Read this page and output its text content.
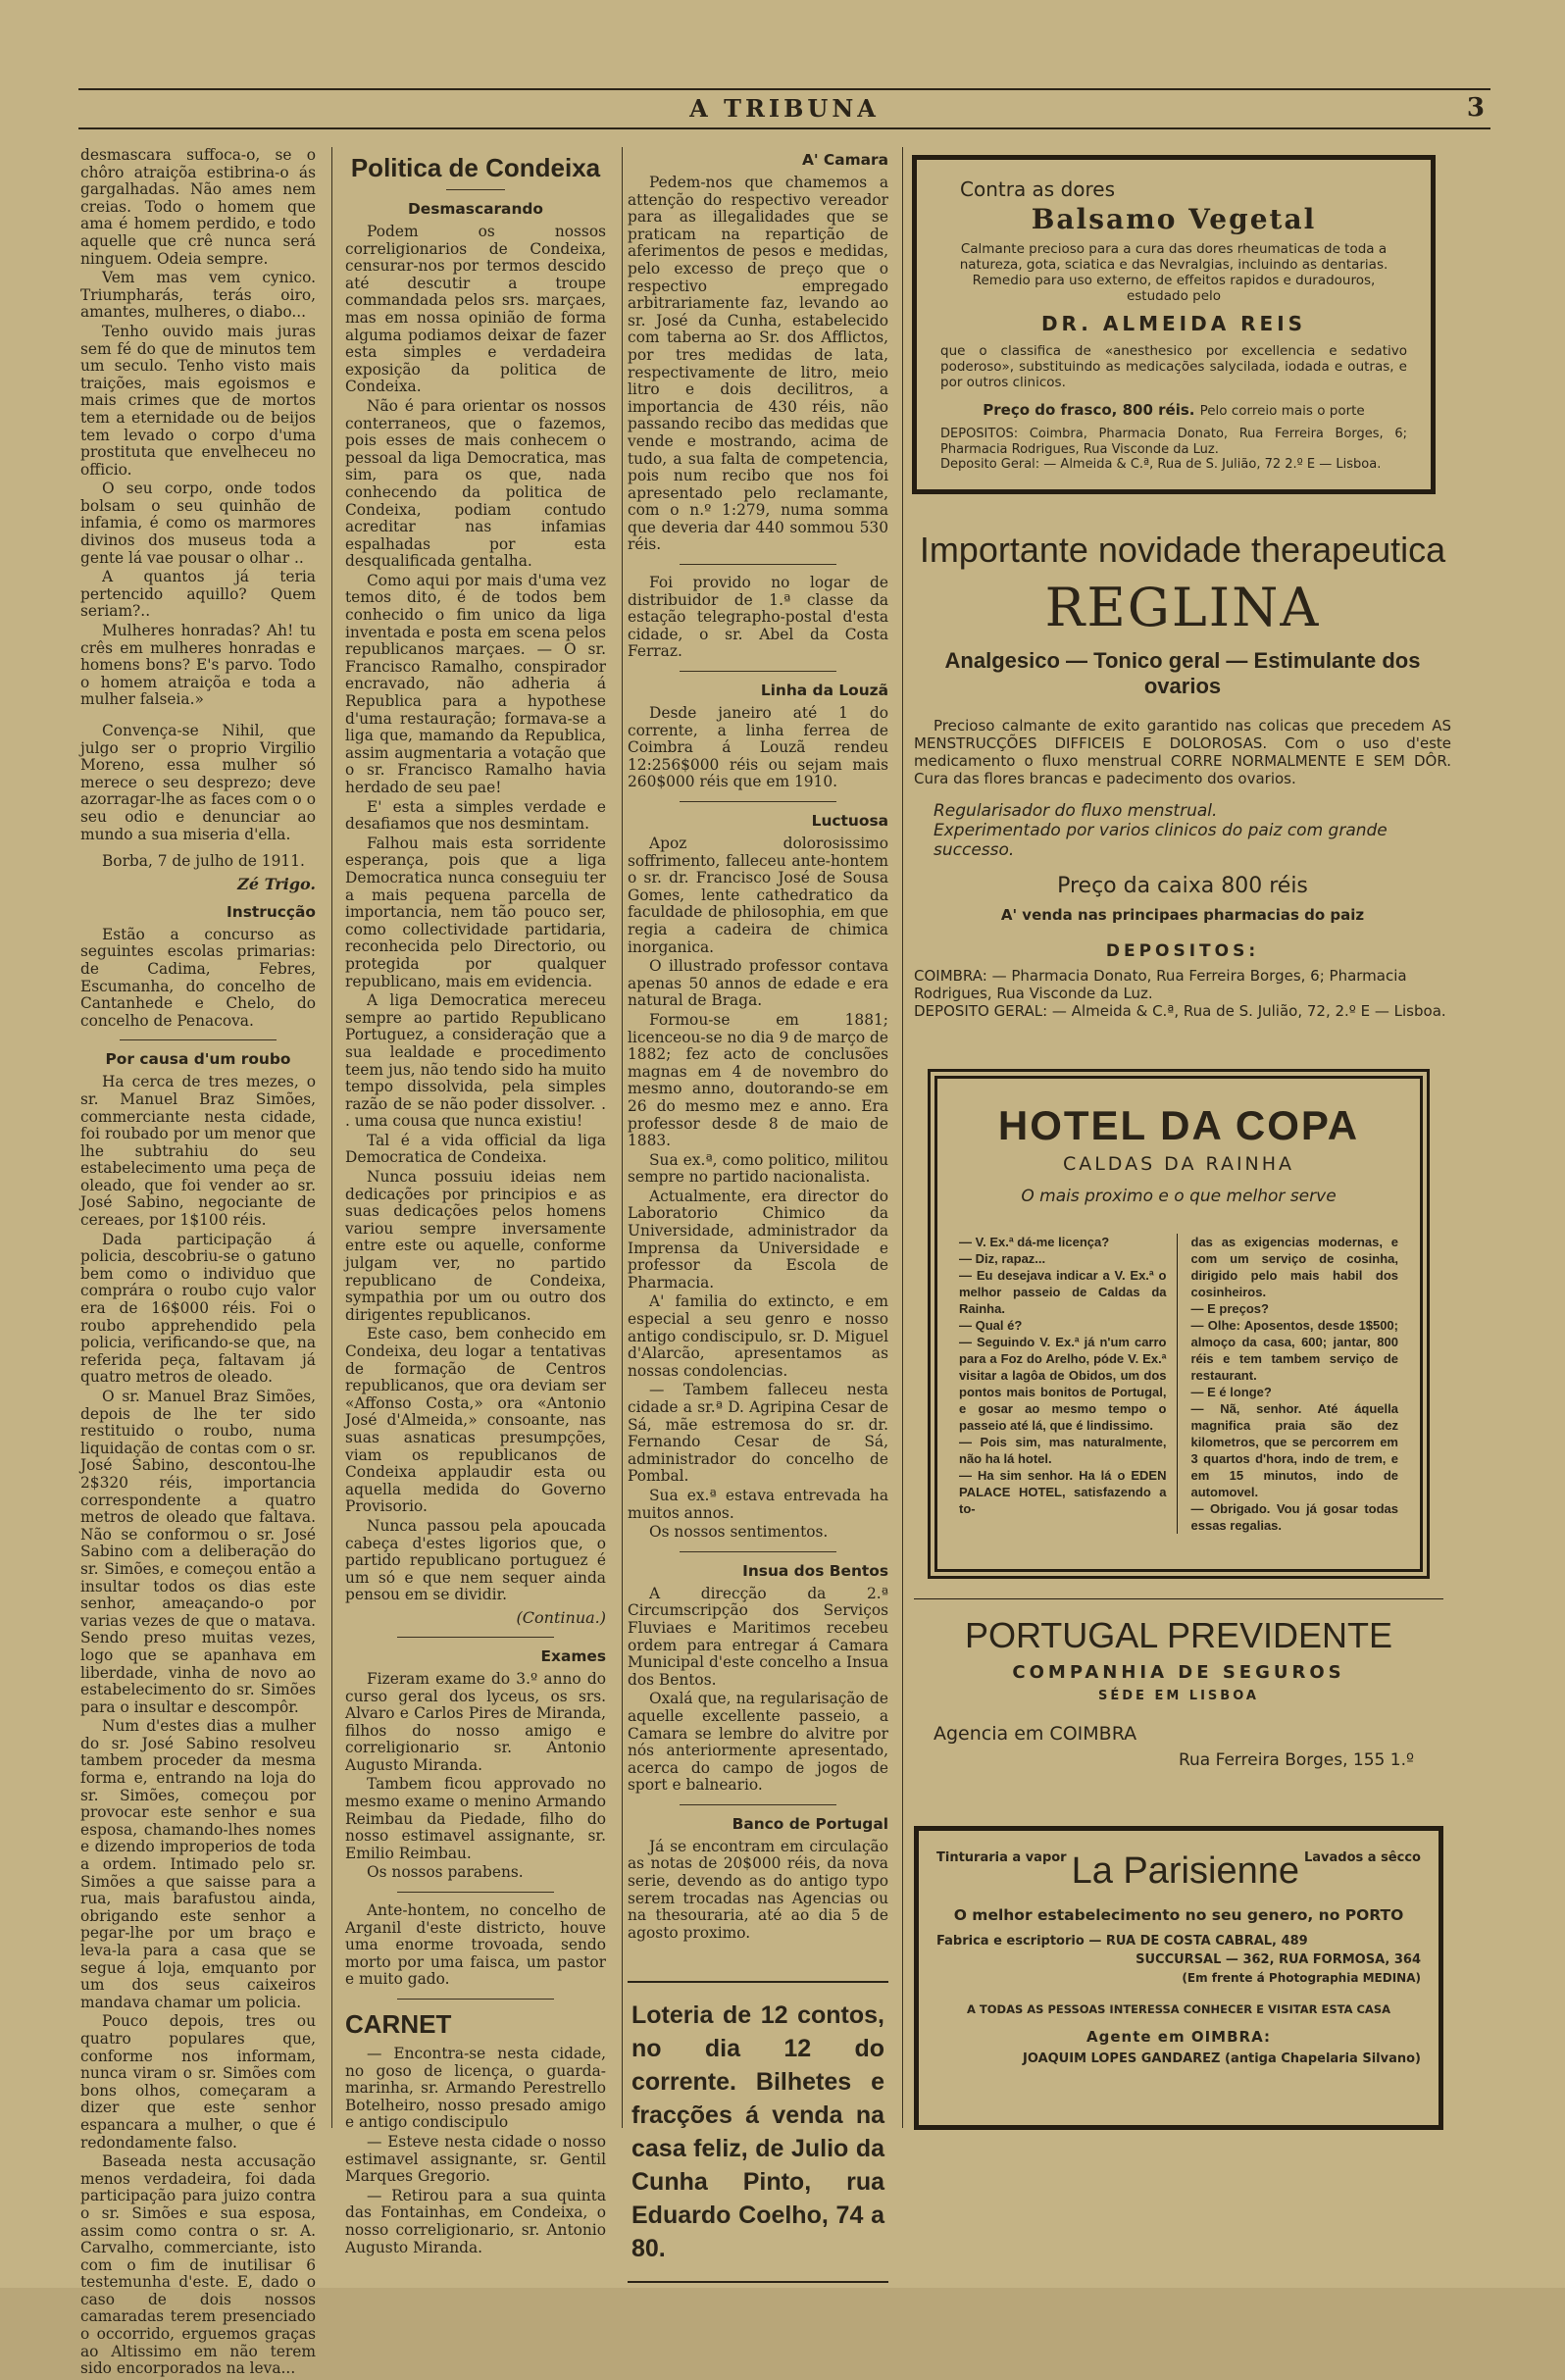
A TRIBUNA	3

desmascara suffoca-o, se o chôro atraiçõa estibrina-o ás gargalhadas. Não ames nem creias. Todo o homem que ama é homem perdido, e todo aquelle que crê nunca será ninguem. Odeia sempre.

Vem mas vem cynico. Triumpharás, terás oiro, amantes, mulheres, o diabo...

Tenho ouvido mais juras sem fé do que de minutos tem um seculo. Tenho visto mais traições, mais egoismos e mais crimes que de mortos tem a eternidade ou de beijos tem levado o corpo d'uma prostituta que envelheceu no officio.

O seu corpo, onde todos bolsam o seu quinhão de infamia, é como os marmores divinos dos museus toda a gente lá vae pousar o olhar ..

A quantos já teria pertencido aquillo? Quem seriam?..

Mulheres honradas? Ah! tu crês em mulheres honradas e homens bons? E's parvo. Todo o homem atraiçõa e toda a mulher falseia.»

Convença-se Nihil, que julgo ser o proprio Virgilio Moreno, essa mulher só merece o seu desprezo; deve azorragar-lhe as faces com o o seu odio e denunciar ao mundo a sua miseria d'ella.

Borba, 7 de julho de 1911.

Zé Trigo.
Instrucção

Estão a concurso as seguintes escolas primarias: de Cadima, Febres, Escumanha, do concelho de Cantanhede e Chelo, do concelho de Penacova.

Por causa d'um roubo

Ha cerca de tres mezes, o sr. Manuel Braz Simões, commerciante nesta cidade, foi roubado por um menor que lhe subtrahiu do seu estabelecimento uma peça de oleado, que foi vender ao sr. José Sabino, negociante de cereaes, por 1$100 réis.

Dada participação á policia, descobriu-se o gatuno bem como o individuo que comprára o roubo cujo valor era de 16$000 réis. Foi o roubo apprehendido pela policia, verificando-se que, na referida peça, faltavam já quatro metros de oleado.

O sr. Manuel Braz Simões, depois de lhe ter sido restituido o roubo, numa liquidação de contas com o sr. José Sabino, descontou-lhe 2$320 réis, importancia correspondente a quatro metros de oleado que faltava. Não se conformou o sr. José Sabino com a deliberação do sr. Simões, e começou então a insultar todos os dias este senhor, ameaçando-o por varias vezes de que o matava. Sendo preso muitas vezes, logo que se apanhava em liberdade, vinha de novo ao estabelecimento do sr. Simões para o insultar e descompôr.

Num d'estes dias a mulher do sr. José Sabino resolveu tambem proceder da mesma forma e, entrando na loja do sr. Simões, começou por provocar este senhor e sua esposa, chamando-lhes nomes e dizendo improperios de toda a ordem. Intimado pelo sr. Simões a que saisse para a rua, mais barafustou ainda, obrigando este senhor a pegar-lhe por um braço e leva-la para a casa que se segue á loja, emquanto por um dos seus caixeiros mandava chamar um policia.

Pouco depois, tres ou quatro populares que, conforme nos informam, nunca viram o sr. Simões com bons olhos, começaram a dizer que este senhor espancara a mulher, o que é redondamente falso.

Baseada nesta accusação menos verdadeira, foi dada participação para juizo contra o sr. Simões e sua esposa, assim como contra o sr. A. Carvalho, commerciante, isto com o fim de inutilisar 6 testemunha d'este. E, dado o caso de dois nossos camaradas terem presenciado o occorrido, erguemos graças ao Altissimo em não terem sido encorporados na leva...

Politica de Condeixa
Desmascarando

Podem os nossos correligionarios de Condeixa, censurar-nos por termos descido até descutir a troupe commandada pelos srs. marçaes, mas em nossa opinião de forma alguma podiamos deixar de fazer esta simples e verdadeira exposição da politica de Condeixa.

Não é para orientar os nossos conterraneos, que o fazemos, pois esses de mais conhecem o pessoal da liga Democratica, mas sim, para os que, nada conhecendo da politica de Condeixa, podiam contudo acreditar nas infamias espalhadas por esta desqualificada gentalha.

Como aqui por mais d'uma vez temos dito, é de todos bem conhecido o fim unico da liga inventada e posta em scena pelos republicanos marçaes. — O sr. Francisco Ramalho, conspirador encravado, não adheria á Republica para a hypothese d'uma restauração; formava-se a liga que, mamando da Republica, assim augmentaria a votação que o sr. Francisco Ramalho havia herdado de seu pae!

E' esta a simples verdade e desafiamos que nos desmintam.

Falhou mais esta sorridente esperança, pois que a liga Democratica nunca conseguiu ter a mais pequena parcella de importancia, nem tão pouco ser, como collectividade partidaria, reconhecida pelo Directorio, ou protegida por qualquer republicano, mais em evidencia.

A liga Democratica mereceu sempre ao partido Republicano Portuguez, a consideração que a sua lealdade e procedimento teem jus, não tendo sido ha muito tempo dissolvida, pela simples razão de se não poder dissolver. . . uma cousa que nunca existiu!

Tal é a vida official da liga Democratica de Condeixa.

Nunca possuiu ideias nem dedicações por principios e as suas dedicações pelos homens variou sempre inversamente entre este ou aquelle, conforme julgam ver, no partido republicano de Condeixa, sympathia por um ou outro dos dirigentes republicanos.

Este caso, bem conhecido em Condeixa, deu logar a tentativas de formação de Centros republicanos, que ora deviam ser «Affonso Costa,» ora «Antonio José d'Almeida,» consoante, nas suas asnaticas presumpções, viam os republicanos de Condeixa applaudir esta ou aquella medida do Governo Provisorio.

Nunca passou pela apoucada cabeça d'estes ligorios que, o partido republicano portuguez é um só e que nem sequer ainda pensou em se dividir.

(Continua.)
Exames

Fizeram exame do 3.º anno do curso geral dos lyceus, os srs. Alvaro e Carlos Pires de Miranda, filhos do nosso amigo e correligionario sr. Antonio Augusto Miranda.

Tambem ficou approvado no mesmo exame o menino Armando Reimbau da Piedade, filho do nosso estimavel assignante, sr. Emilio Reimbau.

Os nossos parabens.

Ante-hontem, no concelho de Arganil d'este districto, houve uma enorme trovoada, sendo morto por uma faisca, um pastor e muito gado.

CARNET

— Encontra-se nesta cidade, no goso de licença, o guarda-marinha, sr. Armando Perestrello Botelheiro, nosso presado amigo e antigo condiscipulo

— Esteve nesta cidade o nosso estimavel assignante, sr. Gentil Marques Gregorio.

— Retirou para a sua quinta das Fontainhas, em Condeixa, o nosso correligionario, sr. Antonio Augusto Miranda.

A' Camara

Pedem-nos que chamemos a attenção do respectivo vereador para as illegalidades que se praticam na repartição de aferimentos de pesos e medidas, pelo excesso de preço que o respectivo empregado arbitrariamente faz, levando ao sr. José da Cunha, estabelecido com taberna ao Sr. dos Afflictos, por tres medidas de lata, respectivamente de litro, meio litro e dois decilitros, a importancia de 430 réis, não passando recibo das medidas que vende e mostrando, acima de tudo, a sua falta de competencia, pois num recibo que nos foi apresentado pelo reclamante, com o n.º 1:279, numa somma que deveria dar 440 sommou 530 réis.

Foi provido no logar de distribuidor de 1.ª classe da estação telegrapho-postal d'esta cidade, o sr. Abel da Costa Ferraz.

Linha da Louzã

Desde janeiro até 1 do corrente, a linha ferrea de Coimbra á Louzã rendeu 12:256$000 réis ou sejam mais 260$000 réis que em 1910.

Luctuosa

Apoz dolorosissimo soffrimento, falleceu ante-hontem o sr. dr. Francisco José de Sousa Gomes, lente cathedratico da faculdade de philosophia, em que regia a cadeira de chimica inorganica.

O illustrado professor contava apenas 50 annos de edade e era natural de Braga.

Formou-se em 1881; licenceou-se no dia 9 de março de 1882; fez acto de conclusões magnas em 4 de novembro do mesmo anno, doutorando-se em 26 do mesmo mez e anno. Era professor desde 8 de maio de 1883.

Sua ex.ª, como politico, militou sempre no partido nacionalista.

Actualmente, era director do Laboratorio Chimico da Universidade, administrador da Imprensa da Universidade e professor da Escola de Pharmacia.

A' familia do extincto, e em especial a seu genro e nosso antigo condiscipulo, sr. D. Miguel d'Alarcão, apresentamos as nossas condolencias.

— Tambem falleceu nesta cidade a sr.ª D. Agripina Cesar de Sá, mãe estremosa do sr. dr. Fernando Cesar de Sá, administrador do concelho de Pombal.

Sua ex.ª estava entrevada ha muitos annos.

Os nossos sentimentos.

Insua dos Bentos

A direcção da 2.ª Circumscripção dos Serviços Fluviaes e Maritimos recebeu ordem para entregar á Camara Municipal d'este concelho a Insua dos Bentos.

Oxalá que, na regularisação de aquelle excellente passeio, a Camara se lembre do alvitre por nós anteriormente apresentado, acerca do campo de jogos de sport e balneario.

Banco de Portugal

Já se encontram em circulação as notas de 20$000 réis, da nova serie, devendo as do antigo typo serem trocadas nas Agencias ou na thesouraria, até ao dia 5 de agosto proximo.

Loteria de 12 contos, no dia 12 do corrente. Bilhetes e fracções á venda na casa feliz, de Julio da Cunha Pinto, rua Eduardo Coelho, 74 a 80.
Contra as dores
Balsamo Vegetal
Calmante precioso para a cura das dores rheumaticas de toda a natureza, gota, sciatica e das Nevralgias, incluindo as dentarias.
Remedio para uso externo, de effeitos rapidos e duradouros, estudado pelo
DR. ALMEIDA REIS
que o classifica de «anesthesico por excellencia e sedativo poderoso», substituindo as medicações salycilada, iodada e outras, e por outros clinicos.
Preço do frasco, 800 réis. Pelo correio mais o porte
DEPOSITOS: Coimbra, Pharmacia Donato, Rua Ferreira Borges, 6; Pharmacia Rodrigues, Rua Visconde da Luz.
Deposito Geral: — Almeida & C.ª, Rua de S. Julião, 72 2.º E — Lisboa.
Importante novidade therapeutica
REGLINA
Analgesico — Tonico geral — Estimulante dos ovarios
Precioso calmante de exito garantido nas colicas que precedem AS MENSTRUCÇÕES DIFFICEIS E DOLOROSAS. Com o uso d'este medicamento o fluxo menstrual CORRE NORMALMENTE E SEM DÔR. Cura das flores brancas e padecimento dos ovarios.
Regularisador do fluxo menstrual.
Experimentado por varios clinicos do paiz com grande successo.
Preço da caixa 800 réis
A' venda nas principaes pharmacias do paiz
DEPOSITOS:
COIMBRA: — Pharmacia Donato, Rua Ferreira Borges, 6; Pharmacia Rodrigues, Rua Visconde da Luz.
DEPOSITO GERAL: — Almeida & C.ª, Rua de S. Julião, 72, 2.º E — Lisboa.
HOTEL DA COPA
CALDAS DA RAINHA
O mais proximo e o que melhor serve
— V. Ex.ª dá-me licença?
— Diz, rapaz...
— Eu desejava indicar a V. Ex.ª o melhor passeio de Caldas da Rainha.
— Qual é?
— Seguindo V. Ex.ª já n'um carro para a Foz do Arelho, póde V. Ex.ª visitar a lagôa de Obidos, um dos pontos mais bonitos de Portugal, e gosar ao mesmo tempo o passeio até lá, que é lindissimo.
— Pois sim, mas naturalmente, não ha lá hotel.
— Ha sim senhor. Ha lá o EDEN PALACE HOTEL, satisfazendo a to-
das as exigencias modernas, e com um serviço de cosinha, dirigido pelo mais habil dos cosinheiros.
— E preços?
— Olhe: Aposentos, desde 1$500; almoço da casa, 600; jantar, 800 réis e tem tambem serviço de restaurant.
— E é longe?
— Nã, senhor. Até áquella magnifica praia são dez kilometros, que se percorrem em 3 quartos d'hora, indo de trem, e em 15 minutos, indo de automovel.
— Obrigado. Vou já gosar todas essas regalias.
PORTUGAL PREVIDENTE
COMPANHIA DE SEGUROS
SÉDE EM LISBOA
Agencia em COIMBRA
Rua Ferreira Borges, 155 1.º
Tinturaria a vapor La Parisienne Lavados a sêcco
O melhor estabelecimento no seu genero, no PORTO
Fabrica e escriptorio — RUA DE COSTA CABRAL, 489
SUCCURSAL — 362, RUA FORMOSA, 364
(Em frente á Photographia MEDINA)
A TODAS AS PESSOAS INTERESSA CONHECER E VISITAR ESTA CASA
Agente em OIMBRA:
JOAQUIM LOPES GANDAREZ (antiga Chapelaria Silvano)
